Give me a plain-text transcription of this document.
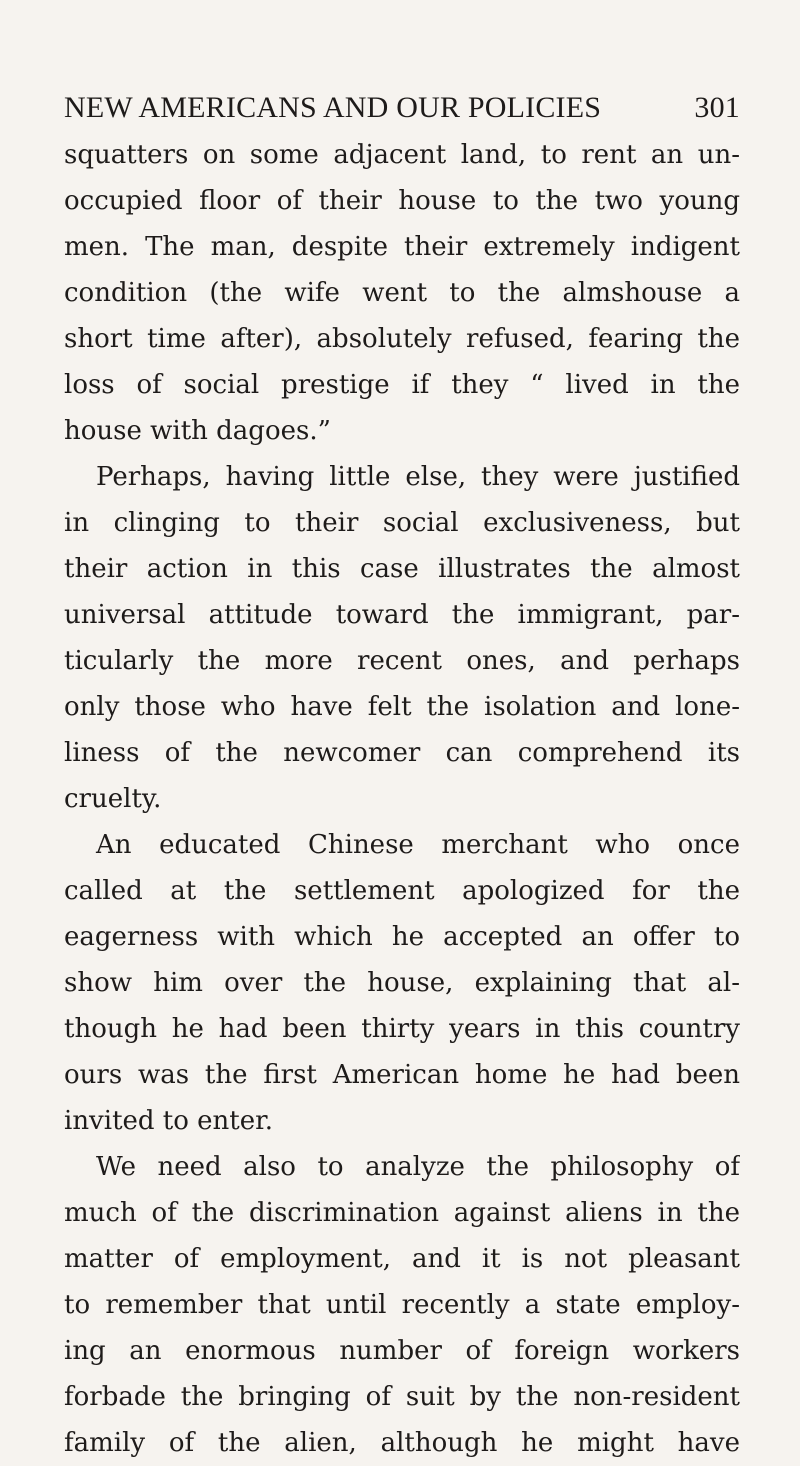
NEW AMERICANS AND OUR POLICIES	301
squatters on some adjacent land, to rent an un-
occupied floor of their house to the two young
men. The man, despite their extremely indigent
condition (the wife went to the almshouse a
short time after), absolutely refused, fearing the
loss of social prestige if they “ lived in the
house with dagoes.”
Perhaps, having little else, they were justified
in clinging to their social exclusiveness, but
their action in this case illustrates the almost
universal attitude toward the immigrant, par-
ticularly the more recent ones, and perhaps
only those who have felt the isolation and lone-
liness of the newcomer can comprehend its
cruelty.
An educated Chinese merchant who once
called at the settlement apologized for the
eagerness with which he accepted an offer to
show him over the house, explaining that al-
though he had been thirty years in this country
ours was the first American home he had been
invited to enter.
We need also to analyze the philosophy of
much of the discrimination against aliens in the
matter of employment, and it is not pleasant
to remember that until recently a state employ-
ing an enormous number of foreign workers
forbade the bringing of suit by the non-resident
family of the alien, although he might have
